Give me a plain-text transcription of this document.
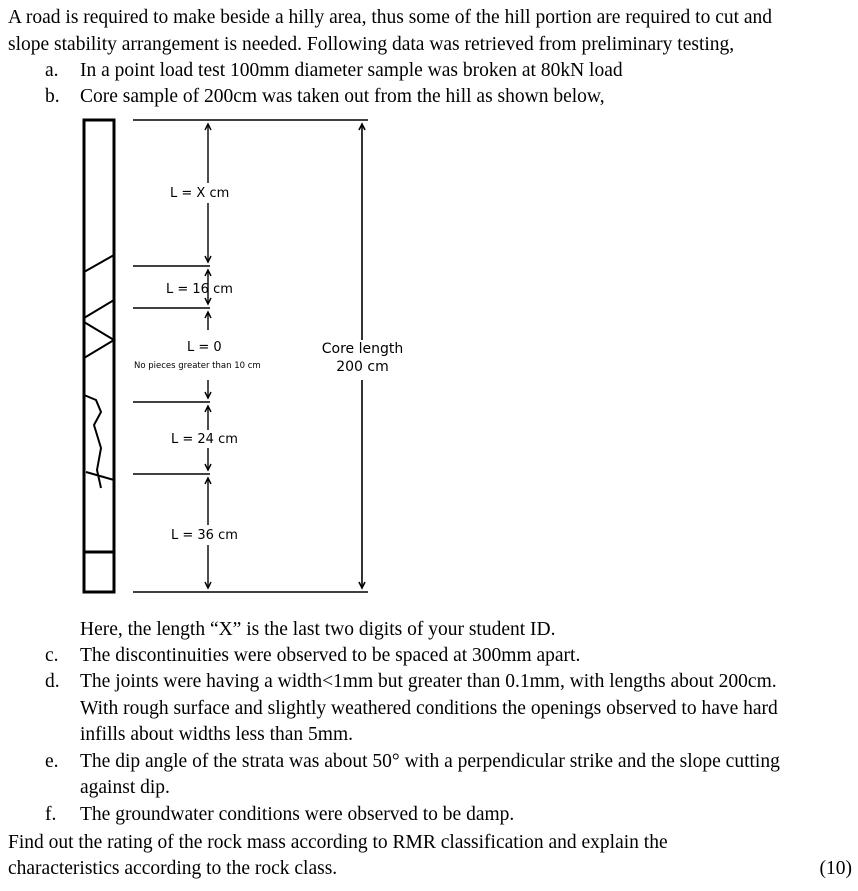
A road is required to make beside a hilly area, thus some of the hill portion are required to cut and
slope stability arrangement is needed. Following data was retrieved from preliminary testing,
a. In a point load test 100mm diameter sample was broken at 80kN load
b. Core sample of 200cm was taken out from the hill as shown below,
L = X cm
L = 16 cm
L = 0
No pieces greater than 10 cm
L = 24 cm
L = 36 cm
Core length
200 cm
Here, the length “X” is the last two digits of your student ID.
c. The discontinuities were observed to be spaced at 300mm apart.
d. The joints were having a width<1mm but greater than 0.1mm, with lengths about 200cm.
With rough surface and slightly weathered conditions the openings observed to have hard
infills about widths less than 5mm.
e. The dip angle of the strata was about 50° with a perpendicular strike and the slope cutting
against dip.
f. The groundwater conditions were observed to be damp.
Find out the rating of the rock mass according to RMR classification and explain the
characteristics according to the rock class.	(10)
